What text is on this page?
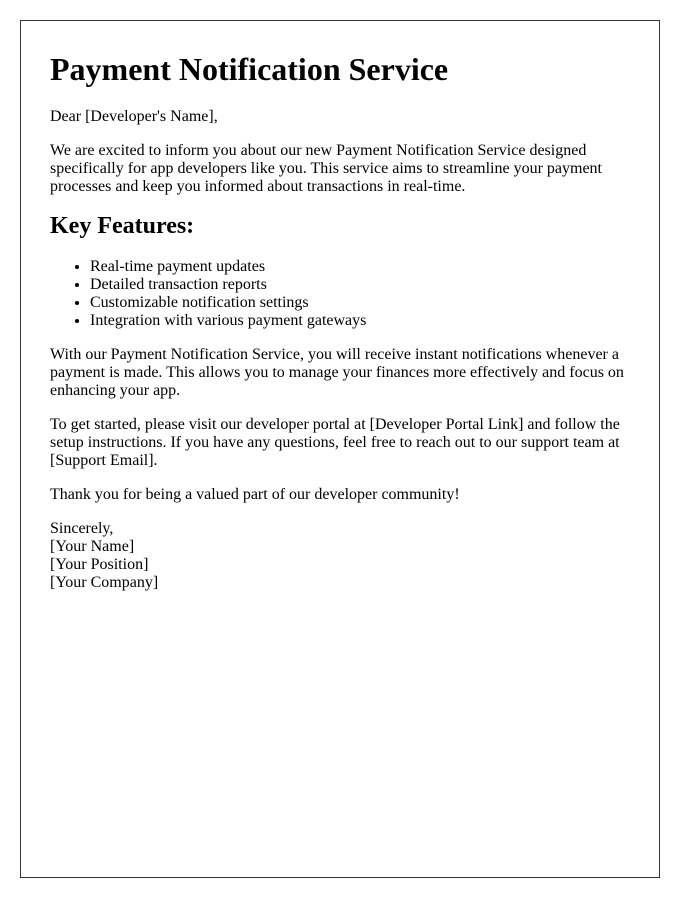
Payment Notification Service

Dear [Developer's Name],

We are excited to inform you about our new Payment Notification Service designed specifically for app developers like you. This service aims to streamline your payment processes and keep you informed about transactions in real-time.

Key Features:
• Real-time payment updates
• Detailed transaction reports
• Customizable notification settings
• Integration with various payment gateways

With our Payment Notification Service, you will receive instant notifications whenever a payment is made. This allows you to manage your finances more effectively and focus on enhancing your app.

To get started, please visit our developer portal at [Developer Portal Link] and follow the setup instructions. If you have any questions, feel free to reach out to our support team at [Support Email].

Thank you for being a valued part of our developer community!

Sincerely,

[Your Name]

[Your Position]

[Your Company]
